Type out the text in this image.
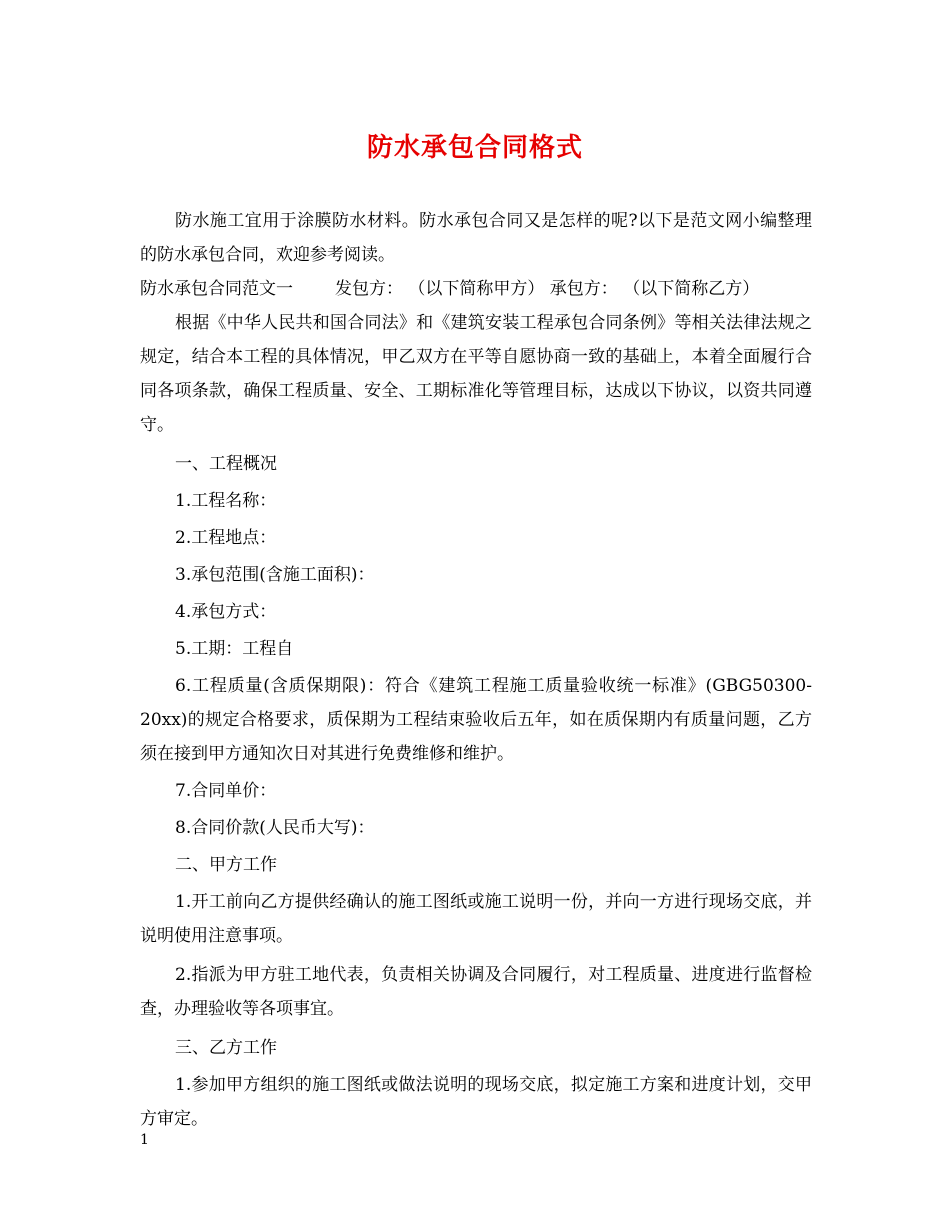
防水承包合同格式

防水施工宜用于涂膜防水材料。防水承包合同又是怎样的呢?以下是范文网小编整理的防水承包合同，欢迎参考阅读。

防水承包合同范文一 发包方： （以下简称甲方） 承包方： （以下简称乙方）

根据《中华人民共和国合同法》和《建筑安装工程承包合同条例》等相关法律法规之规定，结合本工程的具体情况，甲乙双方在平等自愿协商一致的基础上，本着全面履行合同各项条款，确保工程质量、安全、工期标准化等管理目标，达成以下协议，以资共同遵守。

一、工程概况

1.工程名称：

2.工程地点：

3.承包范围(含施工面积)：

4.承包方式：

5.工期：工程自

6.工程质量(含质保期限)：符合《建筑工程施工质量验收统一标准》(GBG50300-20xx)的规定合格要求，质保期为工程结束验收后五年，如在质保期内有质量问题，乙方须在接到甲方通知次日对其进行免费维修和维护。

7.合同单价：

8.合同价款(人民币大写)：

二、甲方工作

1.开工前向乙方提供经确认的施工图纸或施工说明一份，并向一方进行现场交底，并说明使用注意事项。

2.指派为甲方驻工地代表，负责相关协调及合同履行，对工程质量、进度进行监督检查，办理验收等各项事宜。

三、乙方工作

1.参加甲方组织的施工图纸或做法说明的现场交底，拟定施工方案和进度计划，交甲方审定。

1
